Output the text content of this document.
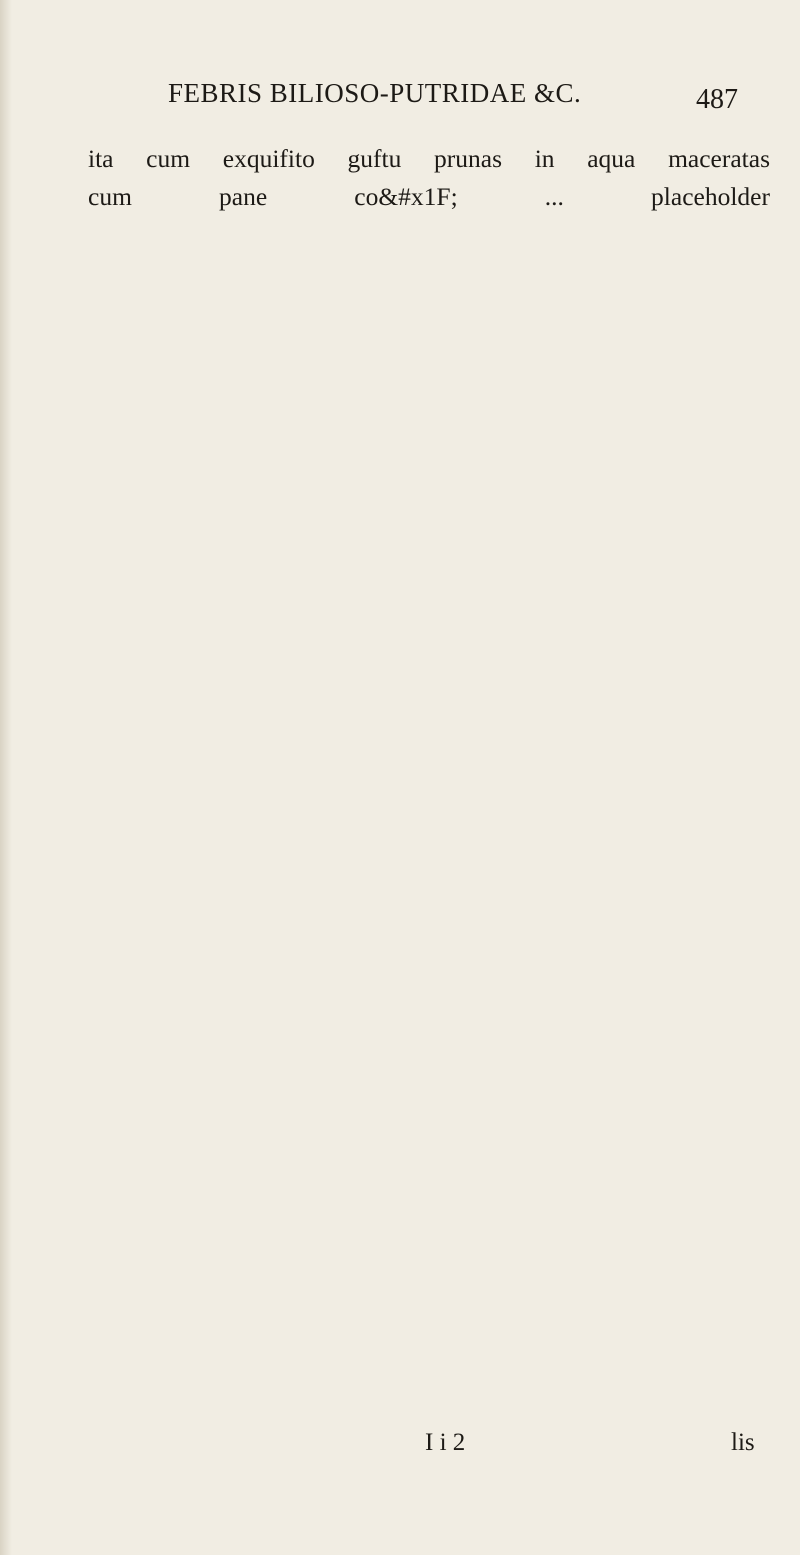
FEBRIS BILIOSO-PUTRIDAE &C.	487
ita cum exquifito guftu prunas in aqua maceratas
cum pane co&#x1F; ... placeholder
I i 2	lis
